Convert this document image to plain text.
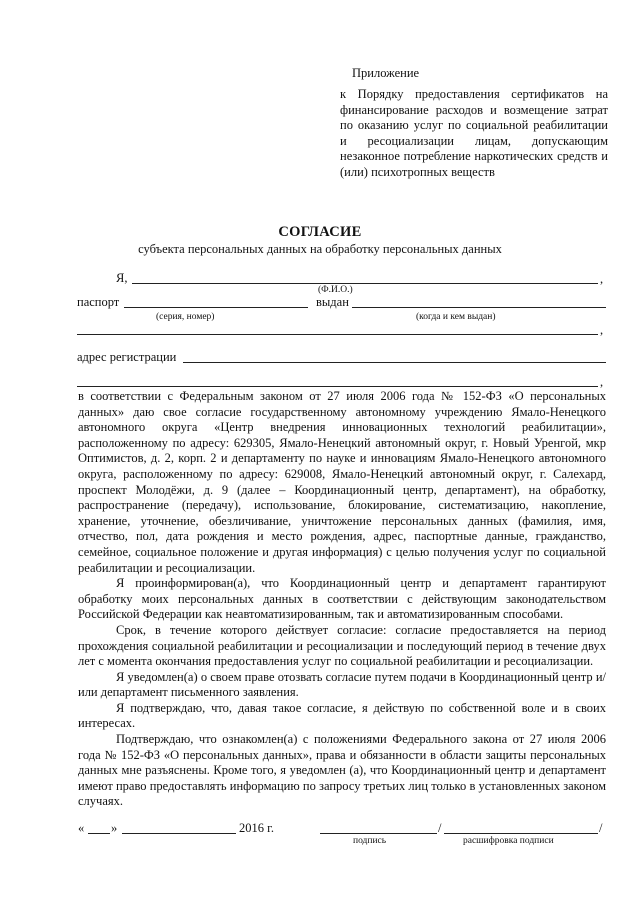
Приложение
к Порядку предоставления сертификатов на финансирование расходов и возмещение затрат по оказанию услуг по социальной реабилитации и ресоциализации лицам, допускающим незаконное потребление наркотических средств и (или) психотропных веществ
СОГЛАСИЕ
субъекта персональных данных на обработку персональных данных
Я,	,
(Ф.И.О.)
паспорт	выдан
(серия, номер)	(когда и кем выдан)
,
адрес регистрации
,

в соответствии с Федеральным законом от 27 июля 2006 года № 152-ФЗ «О персональных данных» даю свое согласие государственному автономному учреждению Ямало-Ненецкого автономного округа «Центр внедрения инновационных технологий реабилитации», расположенному по адресу: 629305, Ямало-Ненецкий автономный округ, г. Новый Уренгой, мкр Оптимистов, д. 2, корп. 2 и департаменту по науке и инновациям Ямало-Ненецкого автономного округа, расположенному по адресу: 629008, Ямало-Ненецкий автономный округ, г. Салехард, проспект Молодёжи, д. 9 (далее – Координационный центр, департамент), на обработку, распространение (передачу), использование, блокирование, систематизацию, накопление, хранение, уточнение, обезличивание, уничтожение персональных данных (фамилия, имя, отчество, пол, дата рождения и место рождения, адрес, паспортные данные, гражданство, семейное, социальное положение и другая информация) с целью получения услуг по социальной реабилитации и ресоциализации.

Я проинформирован(а), что Координационный центр и департамент гарантируют обработку моих персональных данных в соответствии с действующим законодательством Российской Федерации как неавтоматизированным, так и автоматизированным способами.

Срок, в течение которого действует согласие: согласие предоставляется на период прохождения социальной реабилитации и ресоциализации и последующий период в течение двух лет с момента окончания предоставления услуг по социальной реабилитации и ресоциализации.

Я уведомлен(а) о своем праве отозвать согласие путем подачи в Координационный центр и/или департамент письменного заявления.

Я подтверждаю, что, давая такое согласие, я действую по собственной воле и в своих интересах.

Подтверждаю, что ознакомлен(а) с положениями Федерального закона от 27 июля 2006 года № 152-ФЗ «О персональных данных», права и обязанности в области защиты персональных данных мне разъяснены. Кроме того, я уведомлен (а), что Координационный центр и департамент имеют право предоставлять информацию по запросу третьих лиц только в установленных законом случаях.

« »	2016 г.	/	/
подпись	расшифровка подписи
